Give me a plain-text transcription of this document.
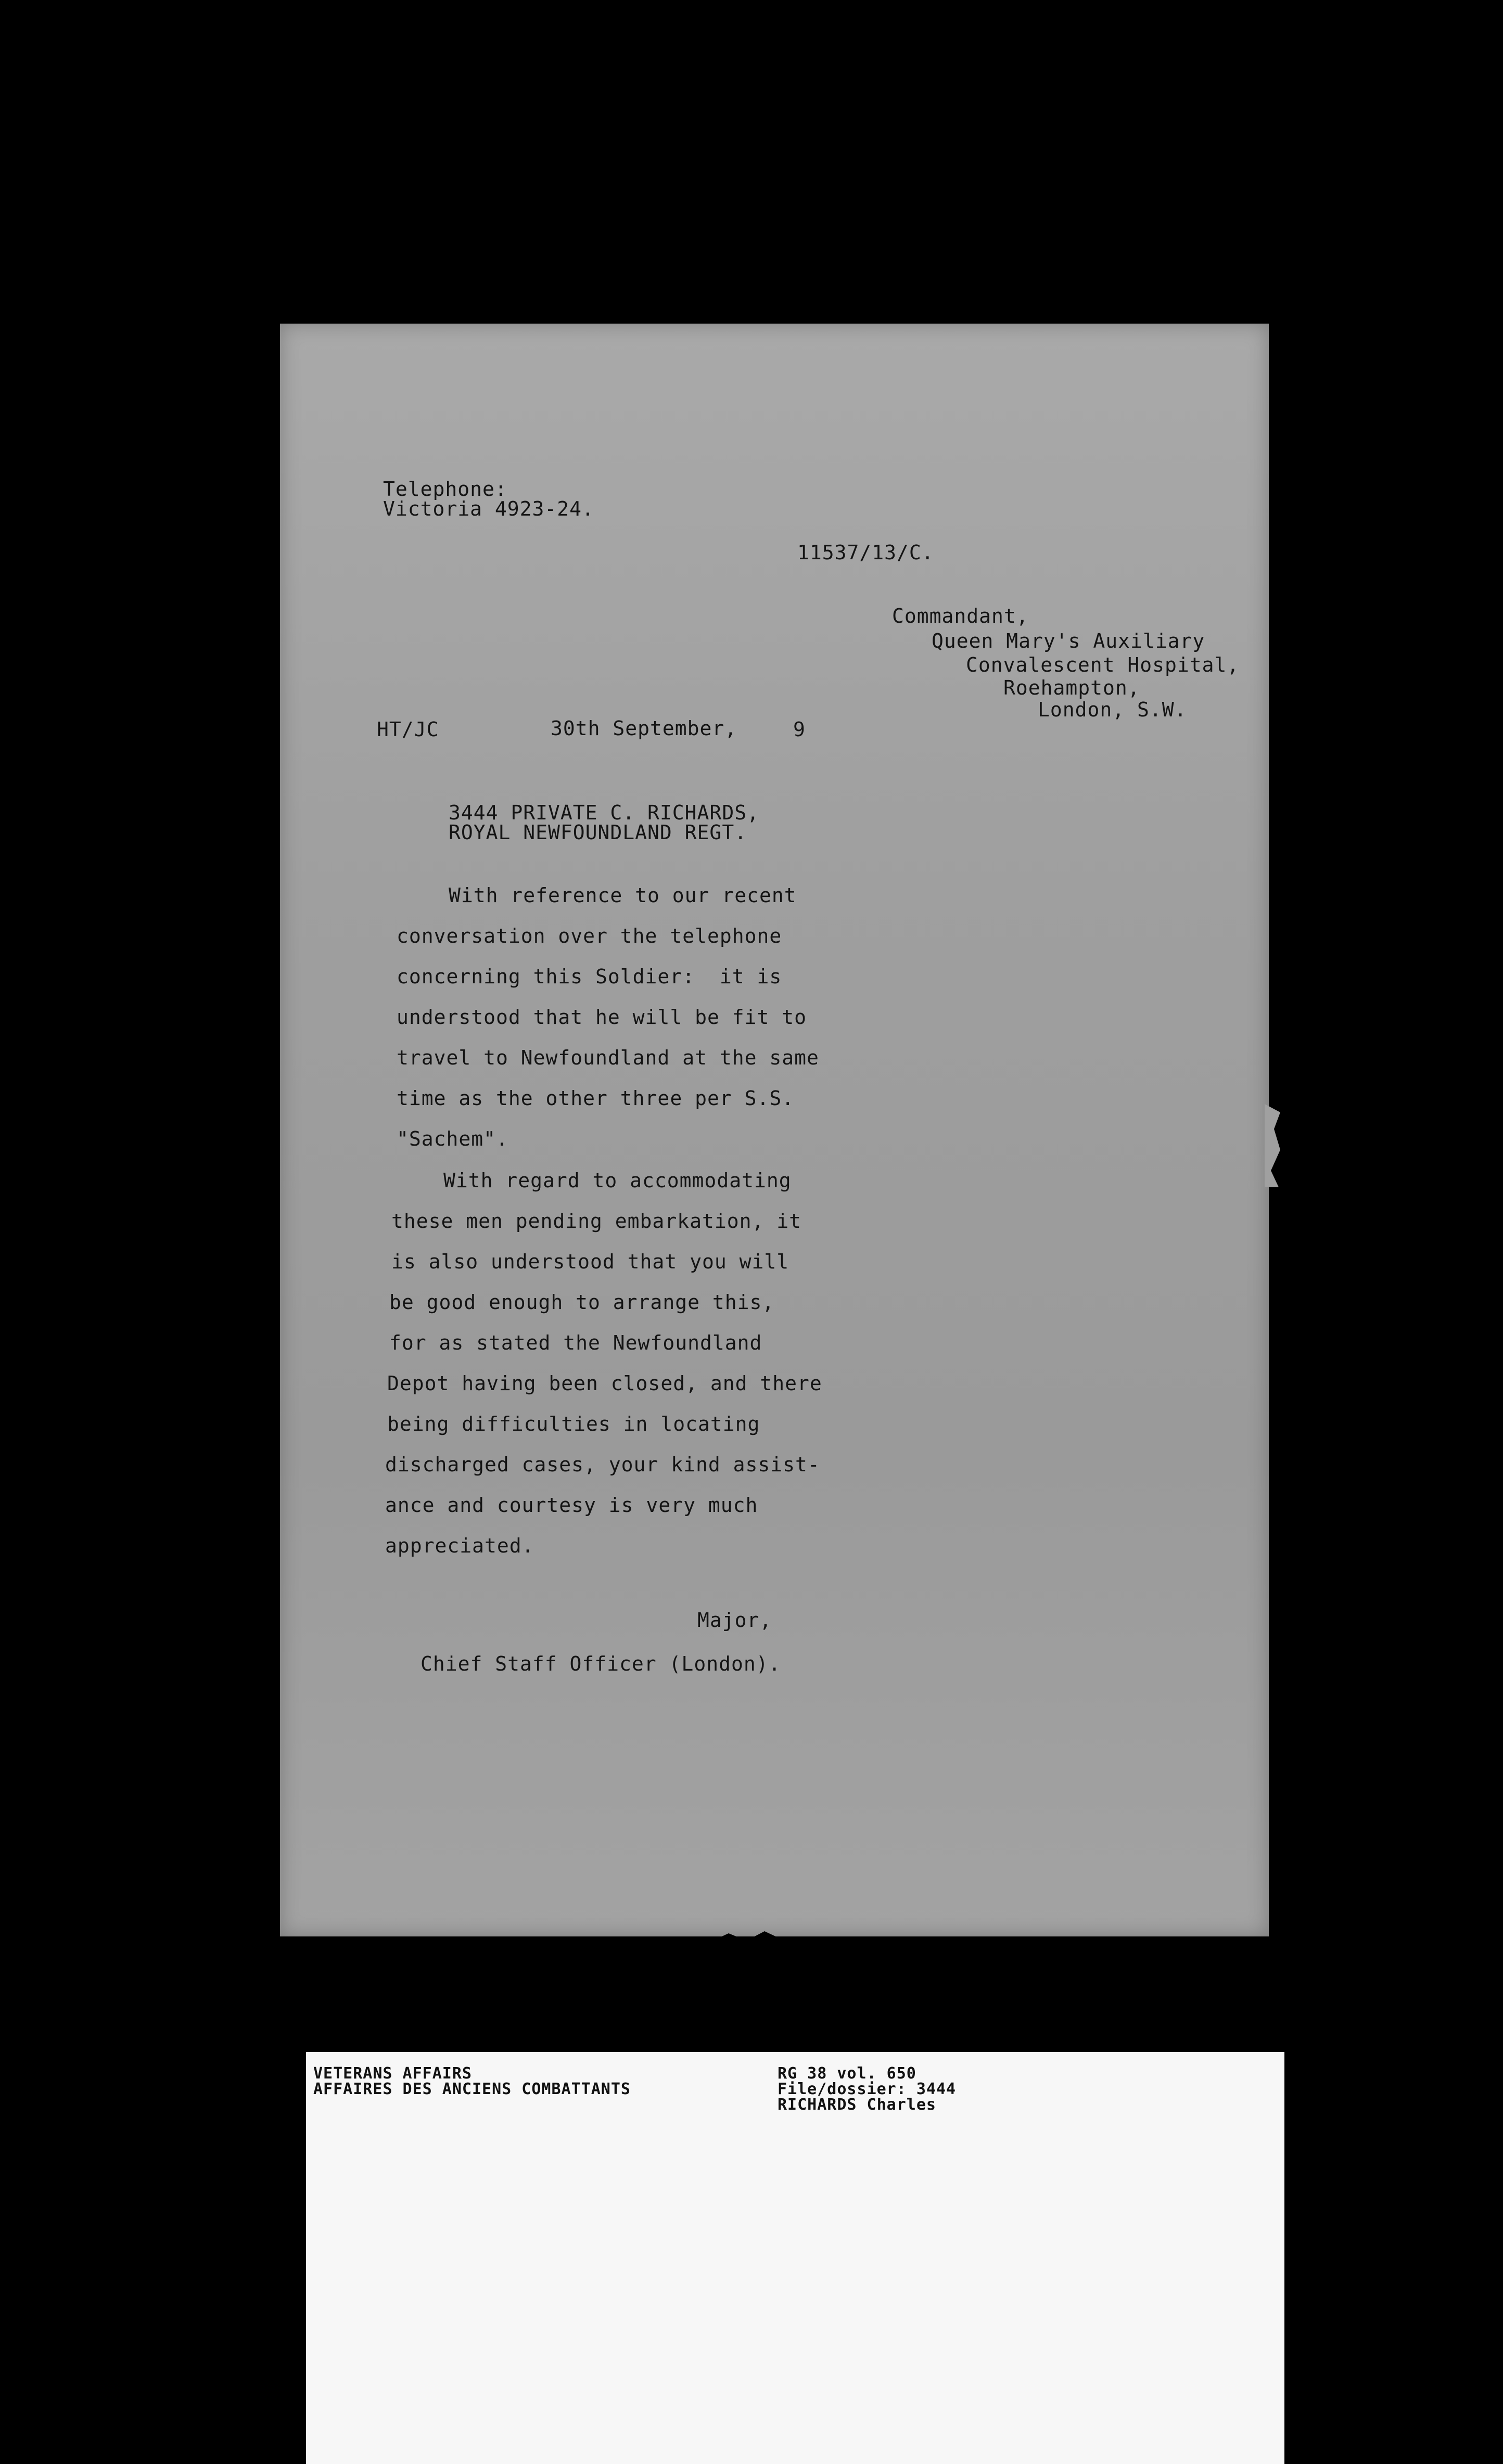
Telephone:
Victoria 4923-24.
11537/13/C.
Commandant,
Queen Mary's Auxiliary
Convalescent Hospital,
Roehampton,
London, S.W.
HT/JC	30th September,	9
3444 PRIVATE C. RICHARDS,
ROYAL NEWFOUNDLAND REGT.
With reference to our recent
conversation over the telephone
concerning this Soldier:  it is
understood that he will be fit to
travel to Newfoundland at the same
time as the other three per S.S.
"Sachem".
With regard to accommodating
these men pending embarkation, it
is also understood that you will
be good enough to arrange this,
for as stated the Newfoundland
Depot having been closed, and there
being difficulties in locating
discharged cases, your kind assist-
ance and courtesy is very much
appreciated.
Major,
Chief Staff Officer (London).
VETERANS AFFAIRS
AFFAIRES DES ANCIENS COMBATTANTS
RG 38 vol. 650
File/dossier: 3444
RICHARDS Charles
